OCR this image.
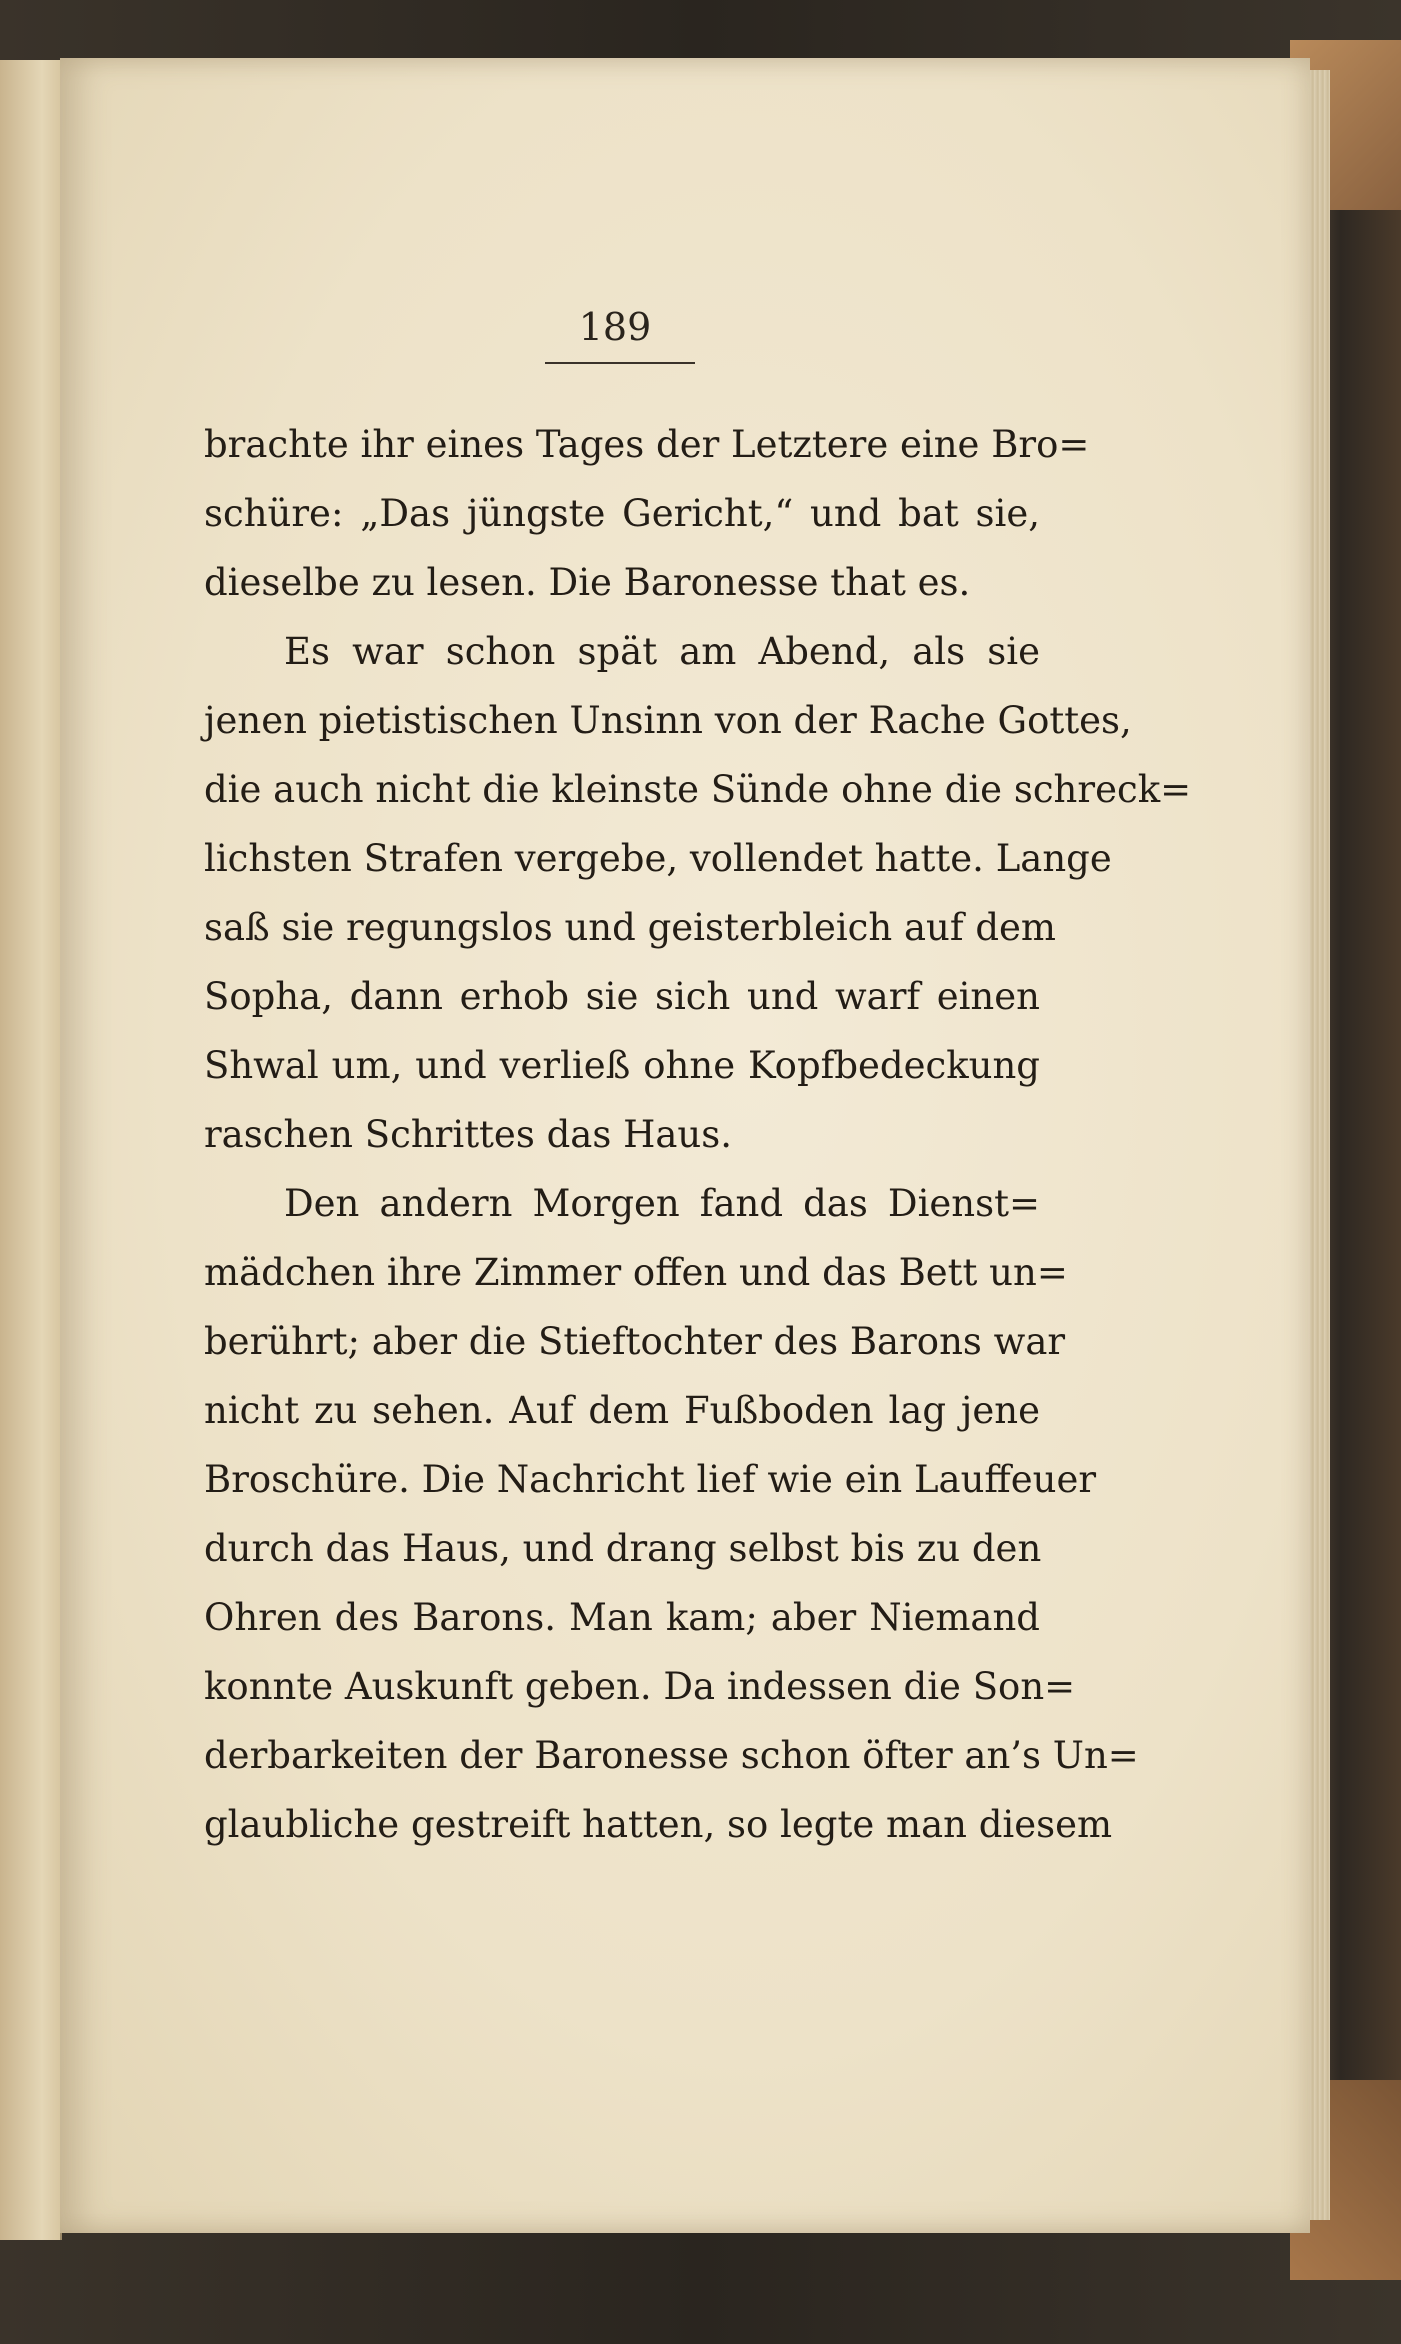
189
brachte ihr eines Tages der Letztere eine Bro=
schüre: „Das jüngste Gericht,“ und bat sie,
dieselbe zu lesen. Die Baronesse that es.
Es war schon spät am Abend, als sie
jenen pietistischen Unsinn von der Rache Gottes,
die auch nicht die kleinste Sünde ohne die schreck=
lichsten Strafen vergebe, vollendet hatte. Lange
saß sie regungslos und geisterbleich auf dem
Sopha, dann erhob sie sich und warf einen
Shwal um, und verließ ohne Kopfbedeckung
raschen Schrittes das Haus.
Den andern Morgen fand das Dienst=
mädchen ihre Zimmer offen und das Bett un=
berührt; aber die Stieftochter des Barons war
nicht zu sehen. Auf dem Fußboden lag jene
Broschüre. Die Nachricht lief wie ein Lauffeuer
durch das Haus, und drang selbst bis zu den
Ohren des Barons. Man kam; aber Niemand
konnte Auskunft geben. Da indessen die Son=
derbarkeiten der Baronesse schon öfter an’s Un=
glaubliche gestreift hatten, so legte man diesem
